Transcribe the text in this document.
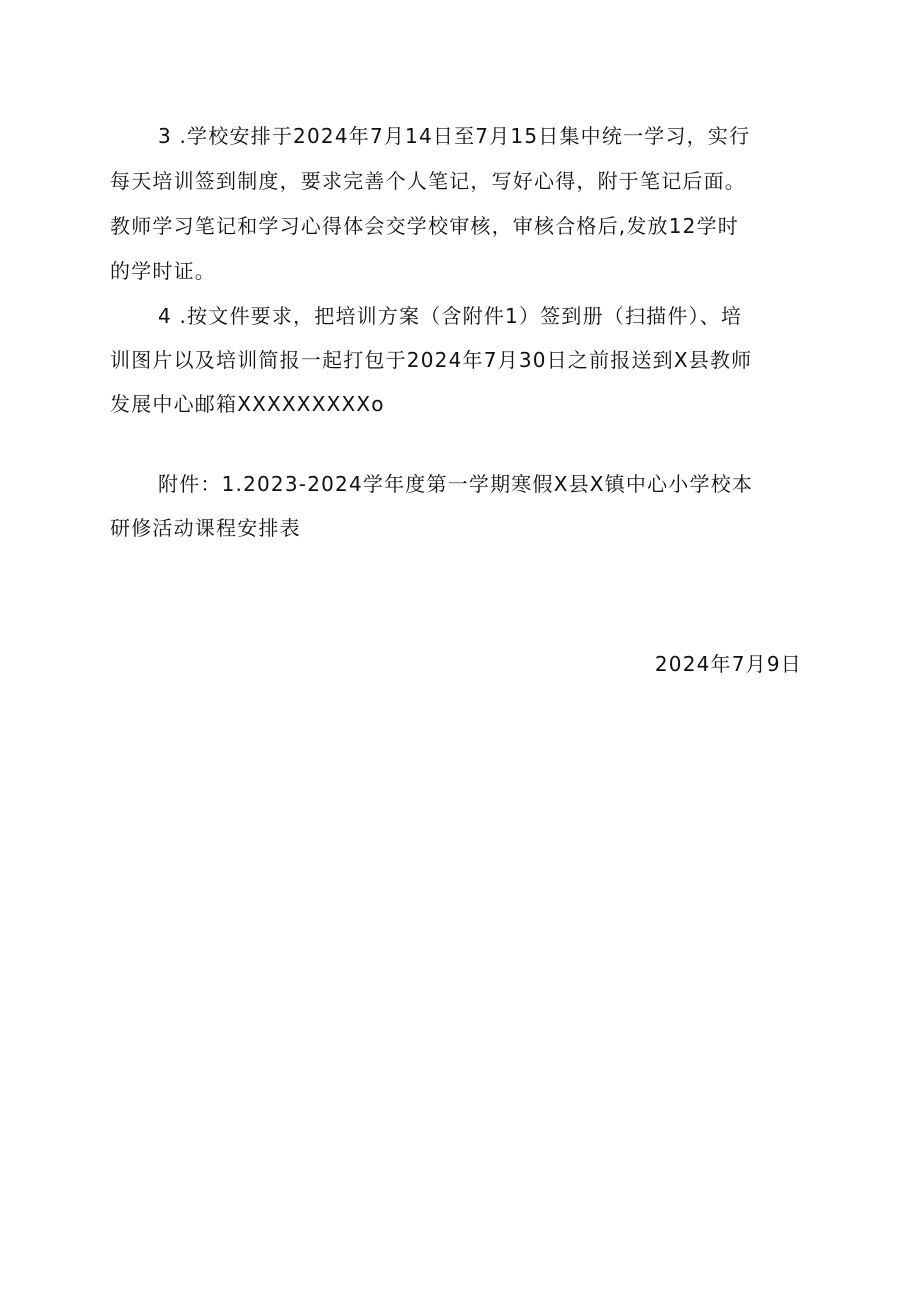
3 .学校安排于2024年7月14日至7月15日集中统一学习，实行
每天培训签到制度，要求完善个人笔记，写好心得，附于笔记后面。
教师学习笔记和学习心得体会交学校审核，审核合格后,发放12学时
的学时证。
4 .按文件要求，把培训方案（含附件1）签到册（扫描件）、培
训图片以及培训简报一起打包于2024年7月30日之前报送到X县教师
发展中心邮箱XXXXXXXXXo
附件：1.2023-2024学年度第一学期寒假X县X镇中心小学校本
研修活动课程安排表
2024年7月9日
